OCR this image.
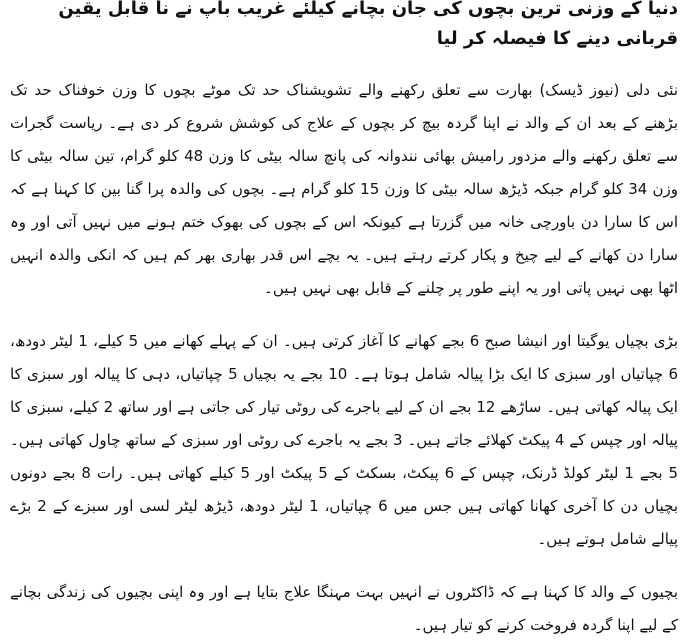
دنیا کے وزنی ترین بچوں کی جان بچانے کیلئے غریب باپ نے نا قابل یقین قربانی دینے کا فیصلہ کر لیا

نئی دلی (نیوز ڈیسک) بھارت سے تعلق رکھنے والے تشویشناک حد تک موٹے بچوں کا وزن خوفناک حد تک بڑھنے کے بعد ان کے والد نے اپنا گردہ بیچ کر بچوں کے علاج کی کوشش شروع کر دی ہے۔ ریاست گجرات سے تعلق رکھنے والے مزدور رامیش بھائی نندوانہ کی پانچ سالہ بیٹی کا وزن 48 کلو گرام، تین سالہ بیٹی کا وزن 34 کلو گرام جبکہ ڈیڑھ سالہ بیٹی کا وزن 15 کلو گرام ہے۔ بچوں کی والدہ پرا گنا بین کا کہنا ہے کہ اس کا سارا دن باورچی خانہ میں گزرتا ہے کیونکہ اس کے بچوں کی بھوک ختم ہونے میں نہیں آتی اور وہ سارا دن کھانے کے لیے چیخ و پکار کرتے رہتے ہیں۔ یہ بچے اس قدر بھاری بھر کم ہیں کہ انکی والدہ انہیں اٹھا بھی نہیں پاتی اور یہ اپنے طور پر چلنے کے قابل بھی نہیں ہیں۔

بڑی بچیاں یوگیتا اور انیشا صبح 6 بجے کھانے کا آغاز کرتی ہیں۔ ان کے پہلے کھانے میں 5 کیلے، 1 لیٹر دودھ، 6 چپاتیاں اور سبزی کا ایک بڑا پیالہ شامل ہوتا ہے۔ 10 بجے یہ بچیاں 5 چپاتیاں، دہی کا پیالہ اور سبزی کا ایک پیالہ کھاتی ہیں۔ ساڑھے 12 بجے ان کے لیے باجرے کی روٹی تیار کی جاتی ہے اور ساتھ 2 کیلے، سبزی کا پیالہ اور چپس کے 4 پیکٹ کھلائے جاتے ہیں۔ 3 بجے یہ باجرے کی روٹی اور سبزی کے ساتھ چاول کھاتی ہیں۔ 5 بجے 1 لیٹر کولڈ ڈرنک، چپس کے 6 پیکٹ، بسکٹ کے 5 پیکٹ اور 5 کیلے کھاتی ہیں۔ رات 8 بجے دونوں بچیاں دن کا آخری کھانا کھاتی ہیں جس میں 6 چپاتیاں، 1 لیٹر دودھ، ڈیڑھ لیٹر لسی اور سبزے کے 2 بڑے پیالے شامل ہوتے ہیں۔

بچیوں کے والد کا کہنا ہے کہ ڈاکٹروں نے انہیں بہت مہنگا علاج بتایا ہے اور وہ اپنی بچیوں کی زندگی بچانے کے لیے اپنا گردہ فروخت کرنے کو تیار ہیں۔
